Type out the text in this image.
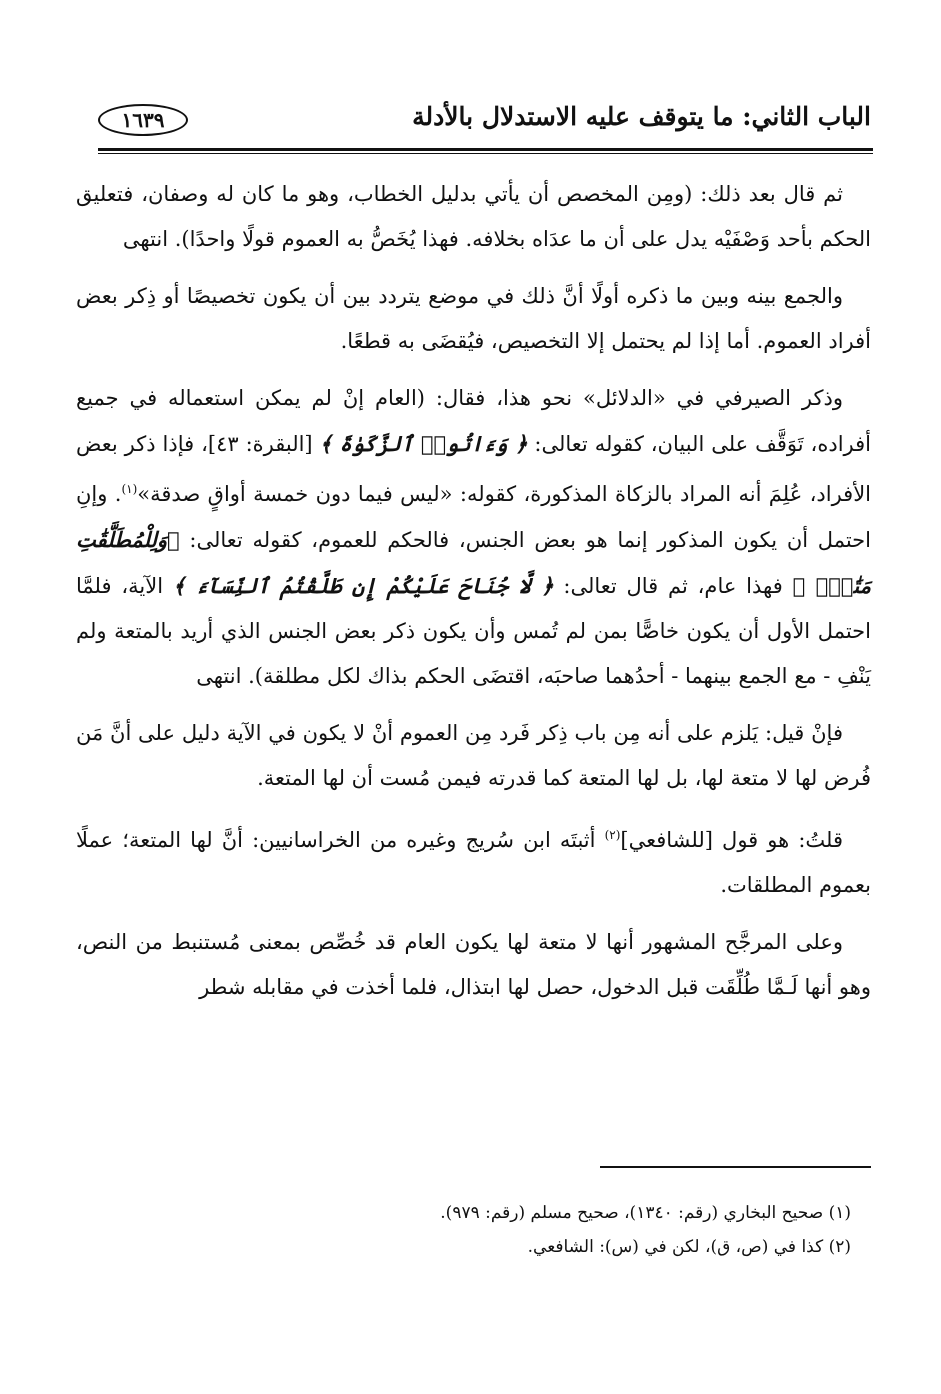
الباب الثاني: ما يتوقف عليه الاستدلال بالأدلة
١٦٣٩

ثم قال بعد ذلك: (ومِن المخصص أن يأتي بدليل الخطاب، وهو ما كان له وصفان، فتعليق الحكم بأحد وَصْفَيْه يدل على أن ما عدَاه بخلافه. فهذا يُخَصُّ به العموم قولًا واحدًا). انتهى

والجمع بينه وبين ما ذكره أولًا أنَّ ذلك في موضع يتردد بين أن يكون تخصيصًا أو ذِكر بعض أفراد العموم. أما إذا لم يحتمل إلا التخصيص، فيُقضَى به قطعًا.

وذكر الصيرفي في «الدلائل» نحو هذا، فقال: (العام إنْ لم يمكن استعماله في جميع أفراده، تَوَقَّف على البيان، كقوله تعالى: ﴿ وَءَاتُوا۟ ٱلزَّكَوٰةَ ﴾ [البقرة: ٤٣]، فإذا ذكر بعض الأفراد، عُلِمَ أنه المراد بالزكاة المذكورة، كقوله: «ليس فيما دون خمسة أواقٍ صدقة»$^{(١)}$. وإنِ احتمل أن يكون المذكور إنما هو بعض الجنس، فالحكم للعموم، كقوله تعالى: ﴿وَلِلْمُطَلَّقَٰتِ مَتَٰعٌۢ ﴾ فهذا عام، ثم قال تعالى: ﴿ لَّا جُنَاحَ عَلَيْكُمْ إِن طَلَّقْتُمُ ٱلنِّسَآءَ ﴾ الآية، فلمَّا احتمل الأول أن يكون خاصًّا بمن لم تُمس وأن يكون ذكر بعض الجنس الذي أريد بالمتعة ولم يَنْفِ - مع الجمع بينهما - أحدُهما صاحبَه، اقتضَى الحكم بذاك لكل مطلقة). انتهى

فإنْ قيل: يَلزم على أنه مِن باب ذِكر فَرد مِن العموم أنْ لا يكون في الآية دليل على أنَّ مَن فُرض لها لا متعة لها، بل لها المتعة كما قدرته فيمن مُست أن لها المتعة.

قلتُ: هو قول [للشافعي]$^{(٢)}$ أثبتَه ابن سُريج وغيره من الخراسانيين: أنَّ لها المتعة؛ عملًا بعموم المطلقات.

وعلى المرجَّح المشهور أنها لا متعة لها يكون العام قد خُصِّص بمعنى مُستنبط من النص، وهو أنها لَـمَّا طُلِّقَت قبل الدخول، حصل لها ابتذال، فلما أخذت في مقابله شطر

(١) صحيح البخاري (رقم: ١٣٤٠)، صحيح مسلم (رقم: ٩٧٩).

(٢) كذا في (ص، ق)، لكن في (س): الشافعي.
